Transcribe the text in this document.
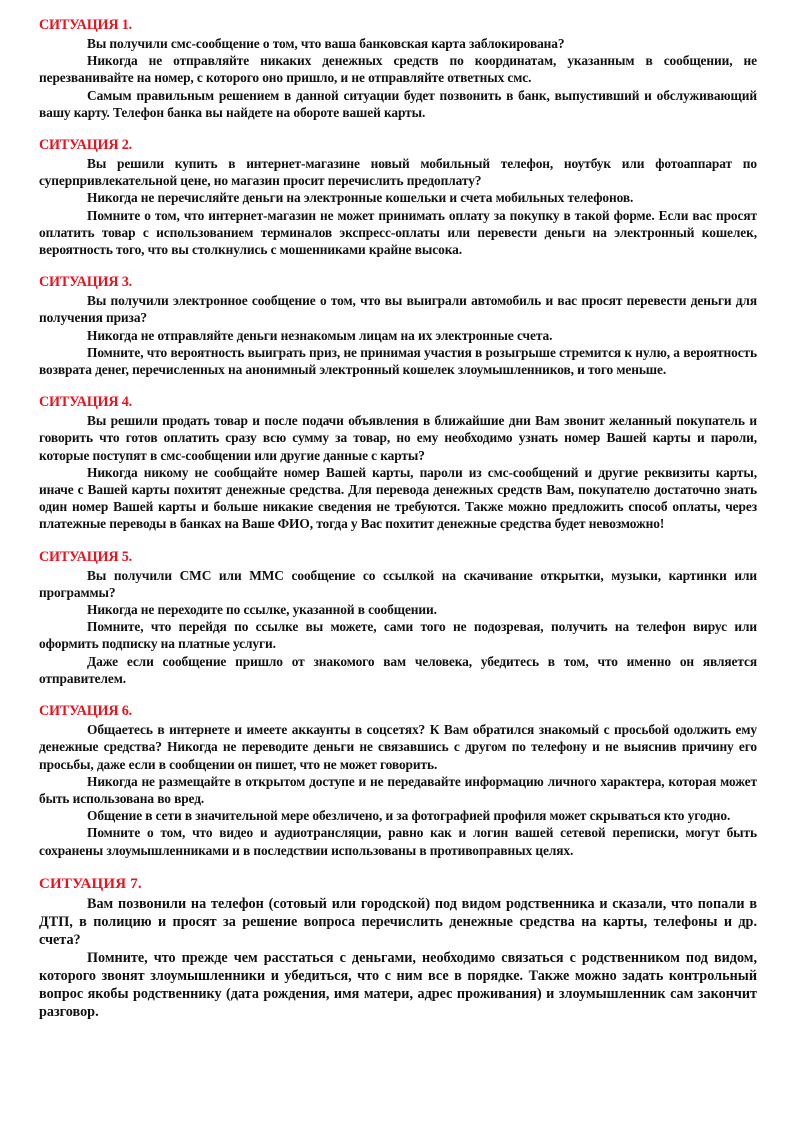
СИТУАЦИЯ 1.

Вы получили смс-сообщение о том, что ваша банковская карта заблокирована?

Никогда не отправляйте никаких денежных средств по координатам, указанным в сообщении, не перезванивайте на номер, с которого оно пришло, и не отправляйте ответных смс.

Самым правильным решением в данной ситуации будет позвонить в банк, выпустивший и обслуживающий вашу карту. Телефон банка вы найдете на обороте вашей карты.

СИТУАЦИЯ 2.

Вы решили купить в интернет-магазине новый мобильный телефон, ноутбук или фотоаппарат по суперпривлекательной цене, но магазин просит перечислить предоплату?

Никогда не перечисляйте деньги на электронные кошельки и счета мобильных телефонов.

Помните о том, что интернет-магазин не может принимать оплату за покупку в такой форме. Если вас просят оплатить товар с использованием терминалов экспресс-оплаты или перевести деньги на электронный кошелек, вероятность того, что вы столкнулись с мошенниками крайне высока.

СИТУАЦИЯ 3.

Вы получили электронное сообщение о том, что вы выиграли автомобиль и вас просят перевести деньги для получения приза?

Никогда не отправляйте деньги незнакомым лицам на их электронные счета.

Помните, что вероятность выиграть приз, не принимая участия в розыгрыше стремится к нулю, а вероятность возврата денег, перечисленных на анонимный электронный кошелек злоумышленников, и того меньше.

СИТУАЦИЯ 4.

Вы решили продать товар и после подачи объявления в ближайшие дни Вам звонит желанный покупатель и говорить что готов оплатить сразу всю сумму за товар, но ему необходимо узнать номер Вашей карты и пароли, которые поступят в смс-сообщении или другие данные с карты?

Никогда никому не сообщайте номер Вашей карты, пароли из смс-сообщений и другие реквизиты карты, иначе с Вашей карты похитят денежные средства. Для перевода денежных средств Вам, покупателю достаточно знать один номер Вашей карты и больше никакие сведения не требуются. Также можно предложить способ оплаты, через платежные переводы в банках на Ваше ФИО, тогда у Вас похитит денежные средства будет невозможно!

СИТУАЦИЯ 5.

Вы получили СМС или ММС сообщение со ссылкой на скачивание открытки, музыки, картинки или программы?

Никогда не переходите по ссылке, указанной в сообщении.

Помните, что перейдя по ссылке вы можете, сами того не подозревая, получить на телефон вирус или оформить подписку на платные услуги.

Даже если сообщение пришло от знакомого вам человека, убедитесь в том, что именно он является отправителем.

СИТУАЦИЯ 6.

Общаетесь в интернете и имеете аккаунты в соцсетях? К Вам обратился знакомый с просьбой одолжить ему денежные средства? Никогда не переводите деньги не связавшись с другом по телефону и не выяснив причину его просьбы, даже если в сообщении он пишет, что не может говорить.

Никогда не размещайте в открытом доступе и не передавайте информацию личного характера, которая может быть использована во вред.

Общение в сети в значительной мере обезличено, и за фотографией профиля может скрываться кто угодно.

Помните о том, что видео и аудиотрансляции, равно как и логин вашей сетевой переписки, могут быть сохранены злоумышленниками и в последствии использованы в противоправных целях.

СИТУАЦИЯ 7.

Вам позвонили на телефон (сотовый или городской) под видом родственника и сказали, что попали в ДТП, в полицию и просят за решение вопроса перечислить денежные средства на карты, телефоны и др. счета?

Помните, что прежде чем расстаться с деньгами, необходимо связаться с родственником под видом, которого звонят злоумышленники и убедиться, что с ним все в порядке. Также можно задать контрольный вопрос якобы родственнику (дата рождения, имя матери, адрес проживания) и злоумышленник сам закончит разговор.
